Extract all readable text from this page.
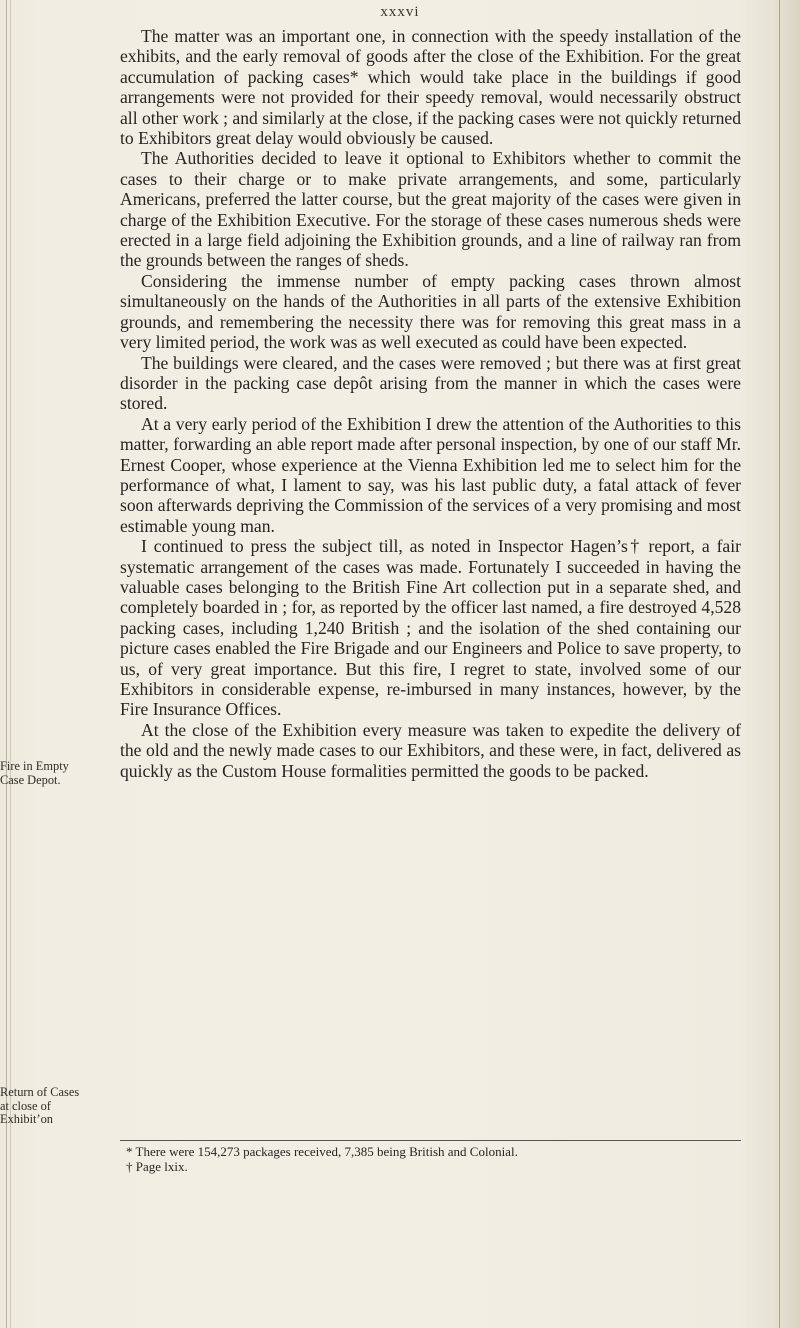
xxxvi

The matter was an important one, in connection with the speedy installation of the exhibits, and the early removal of goods after the close of the Exhibition. For the great accumulation of packing cases* which would take place in the buildings if good arrangements were not provided for their speedy removal, would necessarily obstruct all other work ; and similarly at the close, if the packing cases were not quickly returned to Exhibitors great delay would obviously be caused.

The Authorities decided to leave it optional to Exhibitors whether to commit the cases to their charge or to make private arrangements, and some, particularly Americans, preferred the latter course, but the great majority of the cases were given in charge of the Exhibition Executive. For the storage of these cases numerous sheds were erected in a large field adjoining the Exhibition grounds, and a line of railway ran from the grounds between the ranges of sheds.

Considering the immense number of empty packing cases thrown almost simultaneously on the hands of the Authorities in all parts of the extensive Exhibition grounds, and remembering the necessity there was for removing this great mass in a very limited period, the work was as well executed as could have been expected.

The buildings were cleared, and the cases were removed ; but there was at first great disorder in the packing case depôt arising from the manner in which the cases were stored.

At a very early period of the Exhibition I drew the attention of the Authorities to this matter, forwarding an able report made after personal inspection, by one of our staff Mr. Ernest Cooper, whose experience at the Vienna Exhibition led me to select him for the performance of what, I lament to say, was his last public duty, a fatal attack of fever soon afterwards depriving the Commission of the services of a very promising and most estimable young man.

I continued to press the subject till, as noted in Inspector Hagen’s† report, a fair systematic arrangement of the cases was made. Fortunately I succeeded in having the valuable cases belonging to the British Fine Art collection put in a separate shed, and completely boarded in ; for, as reported by the officer last named, a fire destroyed 4,528 packing cases, including 1,240 British ; and the isolation of the shed containing our picture cases enabled the Fire Brigade and our Engineers and Police to save property, to us, of very great importance. But this fire, I regret to state, involved some of our Exhibitors in considerable expense, re-imbursed in many instances, however, by the Fire Insurance Offices.

At the close of the Exhibition every measure was taken to expedite the delivery of the old and the newly made cases to our Exhibitors, and these were, in fact, delivered as quickly as the Custom House formalities permitted the goods to be packed.

Fire in Empty
Case Depot.
Return of Cases
at close of
Exhibit’on

* There were 154,273 packages received, 7,385 being British and Colonial.

† Page lxix.
